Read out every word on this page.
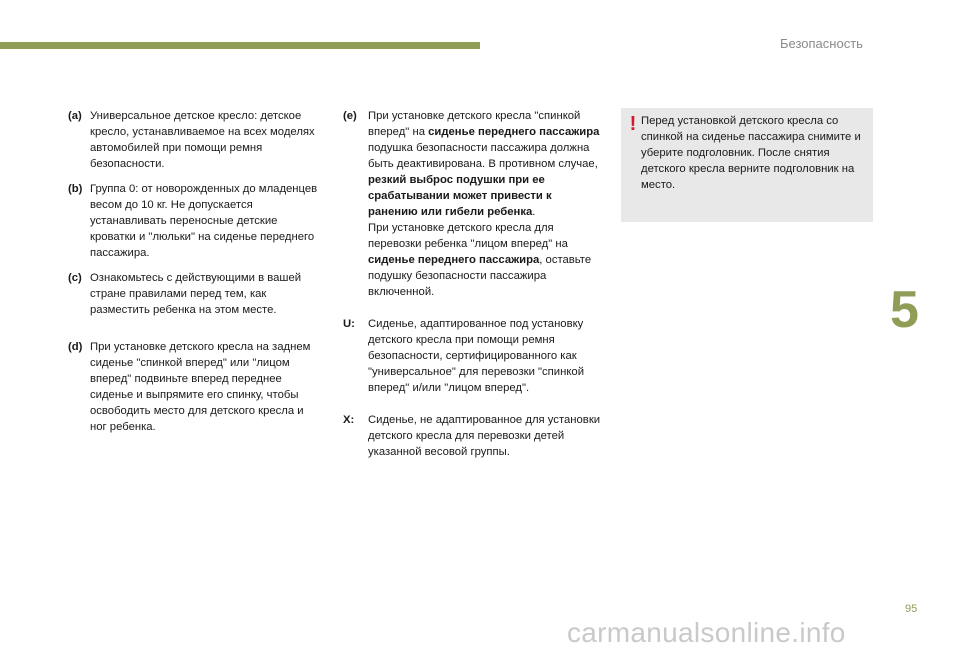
Безопасность
(a) Универсальное детское кресло: детское кресло, устанавливаемое на всех моделях автомобилей при помощи ремня безопасности.
(b) Группа 0: от новорожденных до младенцев весом до 10 кг. Не допускается устанавливать переносные детские кроватки и "люльки" на сиденье переднего пассажира.
(c) Ознакомьтесь с действующими в вашей стране правилами перед тем, как разместить ребенка на этом месте.
(d) При установке детского кресла на заднем сиденье "спинкой вперед" или "лицом вперед" подвиньте вперед переднее сиденье и выпрямите его спинку, чтобы освободить место для детского кресла и ног ребенка.
(e) При установке детского кресла "спинкой вперед" на сиденье переднего пассажира подушка безопасности пассажира должна быть деактивирована. В противном случае, резкий выброс подушки при ее срабатывании может привести к ранению или гибели ребенка.
При установке детского кресла для перевозки ребенка "лицом вперед" на сиденье переднего пассажира, оставьте подушку безопасности пассажира включенной.
U:	Сиденье, адаптированное под установку детского кресла при помощи ремня безопасности, сертифицированного как "универсальное" для перевозки "спинкой вперед" и/или "лицом вперед".
X:	Сиденье, не адаптированное для установки детского кресла для перевозки детей указанной весовой группы.
! Перед установкой детского кресла со спинкой на сиденье пассажира снимите и уберите подголовник. После снятия детского кресла верните подголовник на место.
5
95
carmanualsonline.info
